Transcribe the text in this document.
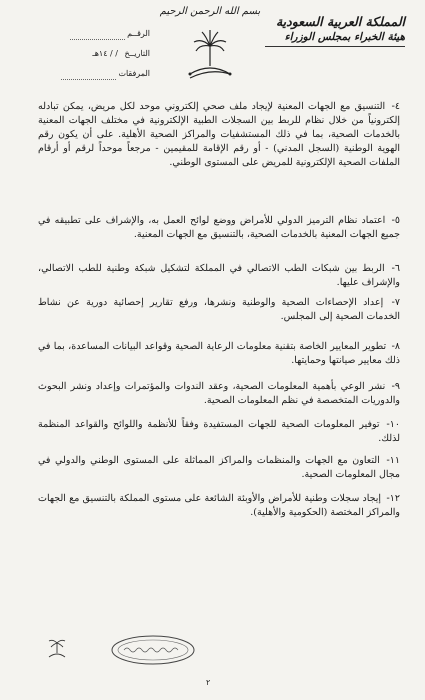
المملكة العربية السعودية
هيئة الخبراء بمجلس الوزراء
بسم الله الرحمن الرحيم
الرقــم
التاريــخ / / ١٤هـ
المرفقات
٤- التنسيق مع الجهات المعنية لإيجاد ملف صحي إلكتروني موحد لكل مريض، يمكن تبادله إلكترونياً من خلال نظام للربط بين السجلات الطبية الإلكترونية في مختلف الجهات المعنية بالخدمات الصحية، بما في ذلك المستشفيات والمراكز الصحية الأهلية. على أن يكون رقم الهوية الوطنية (السجل المدني) - أو رقم الإقامة للمقيمين - مرجعاً موحداً لرقم أو أرقام الملفات الصحية الإلكترونية للمريض على المستوى الوطني.
٥- اعتماد نظام الترميز الدولي للأمراض ووضع لوائح العمل به، والإشراف على تطبيقه في جميع الجهات المعنية بالخدمات الصحية، بالتنسيق مع الجهات المعنية.
٦- الربط بين شبكات الطب الاتصالي في المملكة لتشكيل شبكة وطنية للطب الاتصالي، والإشراف عليها.
٧- إعداد الإحصاءات الصحية والوطنية ونشرها، ورفع تقارير إحصائية دورية عن نشاط الخدمات الصحية إلى المجلس.
٨- تطوير المعايير الخاصة بتقنية معلومات الرعاية الصحية وقواعد البيانات المساعدة، بما في ذلك معايير صيانتها وحمايتها.
٩- نشر الوعي بأهمية المعلومات الصحية، وعقد الندوات والمؤتمرات وإعداد ونشر البحوث والدوريات المتخصصة في نظم المعلومات الصحية.
١٠- توفير المعلومات الصحية للجهات المستفيدة وفقاً للأنظمة واللوائح والقواعد المنظمة لذلك.
١١- التعاون مع الجهات والمنظمات والمراكز المماثلة على المستوى الوطني والدولي في مجال المعلومات الصحية.
١٢- إيجاد سجلات وطنية للأمراض والأوبئة الشائعة على مستوى المملكة بالتنسيق مع الجهات والمراكز المختصة (الحكومية والأهلية).
٢
